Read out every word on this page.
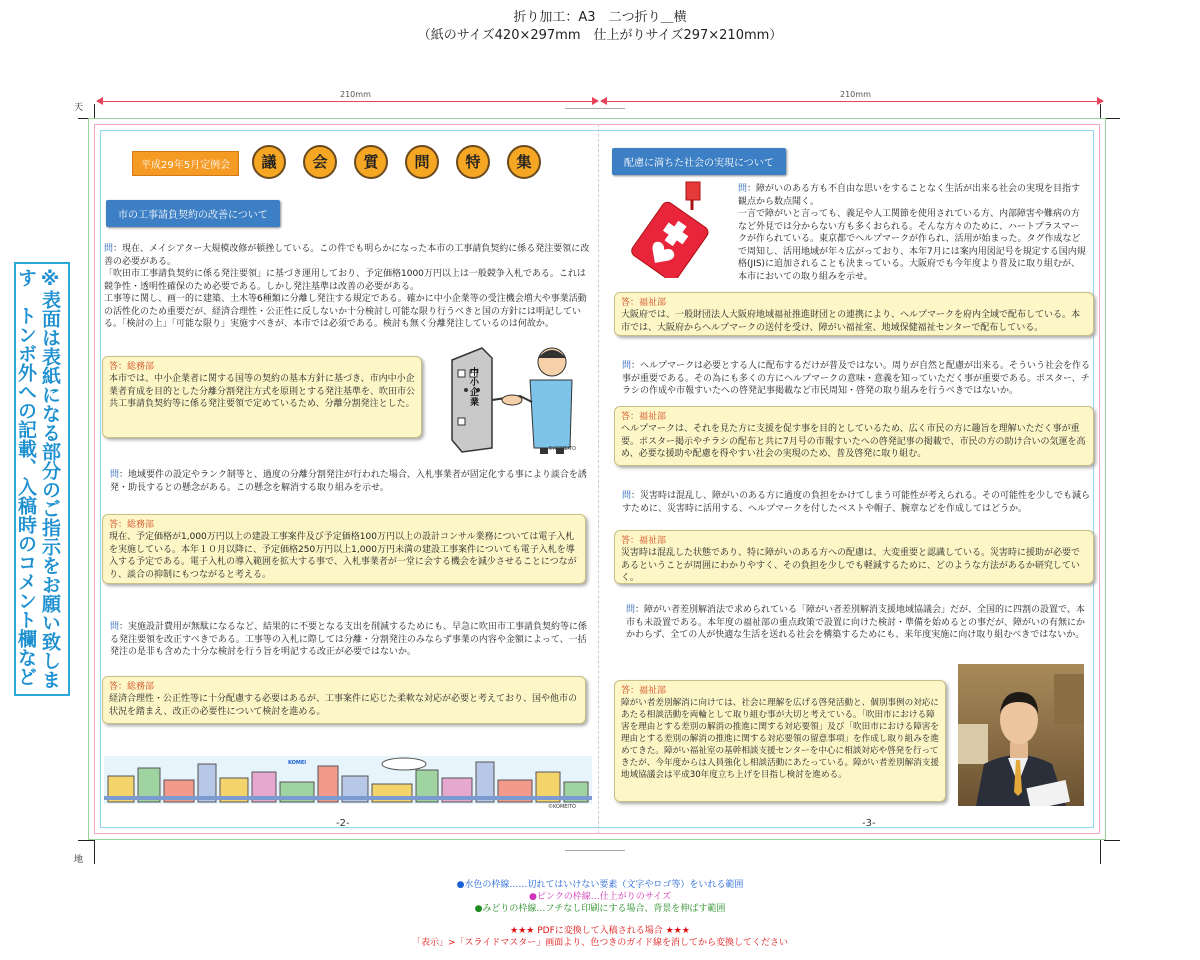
折り加工：A3　二つ折り＿横
（紙のサイズ420×297mm　仕上がりサイズ297×210mm）
210mm	210mm
天
地
※表面は表紙になる部分のご指示をお願い致します　トンボ外への記載、入稿時のコメント欄など
平成29年5月定例会	議	会	質	問	特	集
市の工事請負契約の改善について
問：現在、メイシアター大規模改修が頓挫している。この件でも明らかになった本市の工事請負契約に係る発注要領に改善の必要がある。
「吹田市工事請負契約に係る発注要領」に基づき運用しており、予定価格1000万円以上は一般競争入札である。これは競争性・透明性確保のため必要である。しかし発注基準は改善の必要がある。
工事等に関し、画一的に建築、土木等6種類に分離し発注する規定である。確かに中小企業等の受注機会増大や事業活動の活性化のため重要だが、経済合理性・公正性に反しないか十分検討し可能な限り行うべきと国の方針には明記している。「検討の上」「可能な限り」実施すべきが、本市では必須である。検討も無く分離発注しているのは何故か。
答：総務部
本市では、中小企業者に関する国等の契約の基本方針に基づき、市内中小企業者育成を目的とした分離分割発注方式を原則とする発注基準を、吹田市公共工事請負契約等に係る発注要領で定めているため、分離分割発注とした。
中小企業
©KOMEITO
問：地域要件の設定やランク制等と、過度の分離分割発注が行われた場合、入札事業者が固定化する事により談合を誘発・助長するとの懸念がある。この懸念を解消する取り組みを示せ。
答：総務部
現在、予定価格が1,000万円以上の建設工事案件及び予定価格100万円以上の設計コンサル業務については電子入札を実施している。本年１０月以降に、予定価格250万円以上1,000万円未満の建設工事案件についても電子入札を導入する予定である。電子入札の導入範囲を拡大する事で、入札事業者が一堂に会する機会を減少させることにつながり、談合の抑制にもつながると考える。
問：実施設計費用が無駄になるなど、結果的に不要となる支出を削減するためにも、早急に吹田市工事請負契約等に係る発注要領を改正すべきである。工事等の入札に際しては分離・分割発注のみならず事業の内容や金額によって、一括発注の是非も含めた十分な検討を行う旨を明記する改正が必要ではないか。
答：総務部
経済合理性・公正性等に十分配慮する必要はあるが、工事案件に応じた柔軟な対応が必要と考えており、国や他市の状況を踏まえ、改正の必要性について検討を進める。
KOMEI
©KOMEITO
-2-
配慮に満ちた社会の実現について
問：障がいのある方も不自由な思いをすることなく生活が出来る社会の実現を目指す観点から数点聞く。
一言で障がいと言っても、義足や人工関節を使用されている方、内部障害や難病の方など外見では分からない方も多くおられる。そんな方々のために、ハートプラスマークが作られている。東京都でヘルプマークが作られ、活用が始まった。タグ作成などで周知し、活用地域が年々広がっており、本年7月には案内用図記号を規定する国内規格(JIS)に追加されることも決まっている。大阪府でも今年度より普及に取り組むが、本市においての取り組みを示せ。
答：福祉部
大阪府では、一般財団法人大阪府地域福祉推進財団との連携により、ヘルプマークを府内全域で配布している。本市では、大阪府からヘルプマークの送付を受け、障がい福祉室、地域保健福祉センターで配布している。
問：ヘルプマークは必要とする人に配布するだけが普及ではない。周りが自然と配慮が出来る。そういう社会を作る事が重要である。その為にも多くの方にヘルプマークの意味・意義を知っていただく事が重要である。ポスター、チラシの作成や市報すいたへの啓発記事掲載など市民周知・啓発の取り組みを行うべきではないか。
答：福祉部
ヘルプマークは、それを見た方に支援を促す事を目的としているため、広く市民の方に趣旨を理解いただく事が重要。ポスター掲示やチラシの配布と共に7月号の市報すいたへの啓発記事の掲載で、市民の方の助け合いの気運を高め、必要な援助や配慮を得やすい社会の実現のため、普及啓発に取り組む。
問：災害時は混乱し、障がいのある方に過度の負担をかけてしまう可能性が考えられる。その可能性を少しでも減らすために、災害時に活用する、ヘルプマークを付したベストや帽子、腕章などを作成してはどうか。
答：福祉部
災害時は混乱した状態であり、特に障がいのある方への配慮は、大変重要と認識している。災害時に援助が必要であるということが周囲にわかりやすく、その負担を少しでも軽減するために、どのような方法があるか研究していく。
問：障がい者差別解消法で求められている「障がい者差別解消支援地域協議会」だが、全国的に四割の設置で、本市も未設置である。本年度の福祉部の重点政策で設置に向けた検討・準備を始めるとの事だが、障がいの有無にかかわらず、全ての人が快適な生活を送れる社会を構築するためにも、来年度実施に向け取り組むべきではないか。
答：福祉部
障がい者差別解消に向けては、社会に理解を広げる啓発活動と、個別事例の対応にあたる相談活動を両輪として取り組む事が大切と考えている。「吹田市における障害を理由とする差別の解消の推進に関する対応要領」及び「吹田市における障害を理由とする差別の解消の推進に関する対応要領の留意事項」を作成し取り組みを進めてきた。障がい福祉室の基幹相談支援センターを中心に相談対応や啓発を行ってきたが、今年度からは人員強化し相談活動にあたっている。障がい者差別解消支援地域協議会は平成30年度立ち上げを目指し検討を進める。
-3-
●水色の枠線……切れてはいけない要素（文字やロゴ等）をいれる範囲
●ピンクの枠線…仕上がりのサイズ
●みどりの枠線…フチなし印刷にする場合、背景を伸ばす範囲
★★★ PDFに変換して入稿される場合 ★★★
「表示」>「スライドマスター」画面より、色つきのガイド線を消してから変換してください
